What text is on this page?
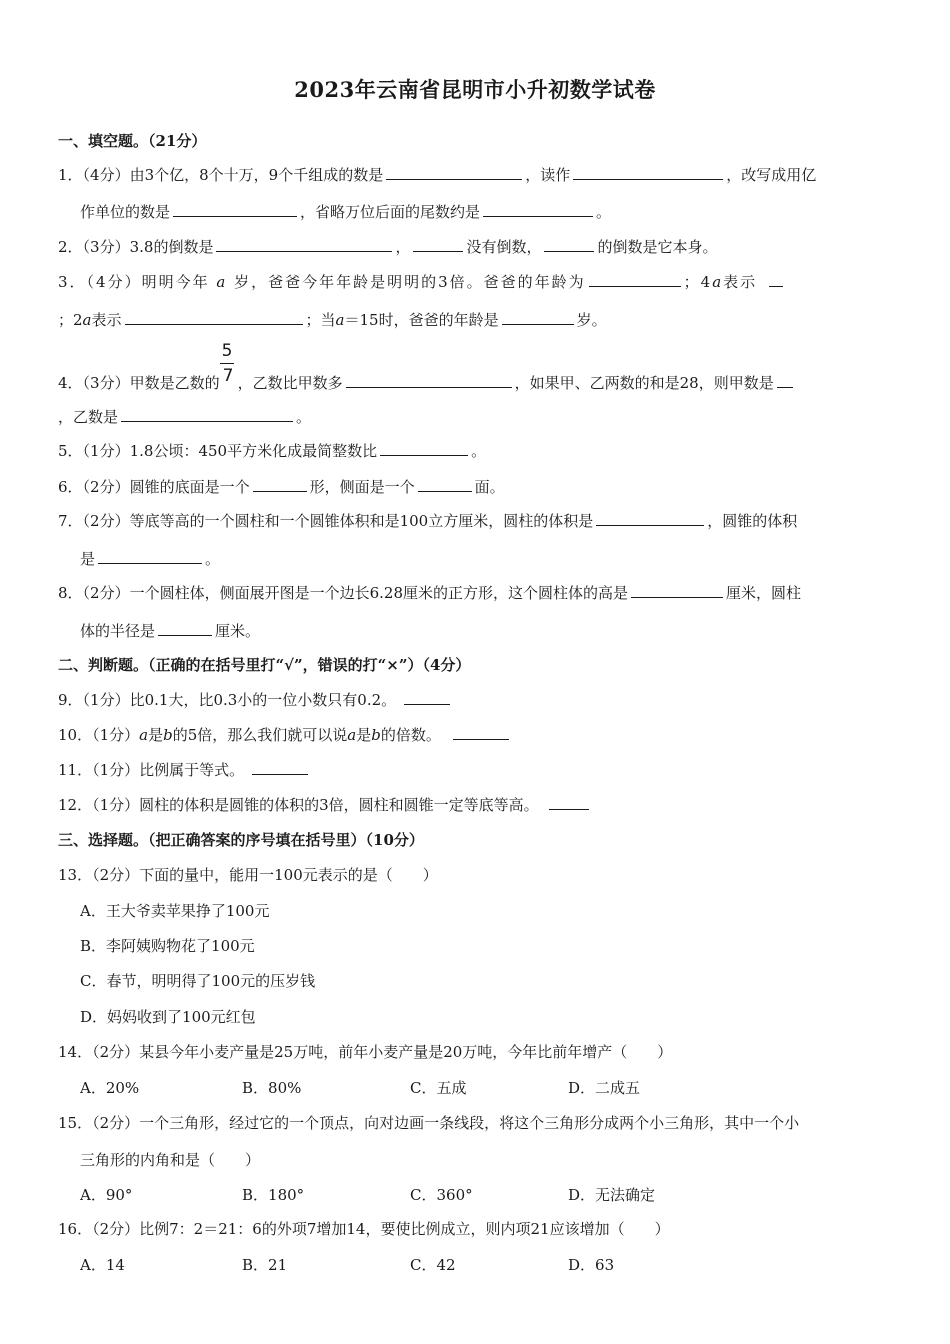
2023年云南省昆明市小升初数学试卷
一、填空题。（21分）
1．（4分）由3个亿，8个十万，9个千组成的数是	，读作	，改写成用亿
作单位的数是	，省略万位后面的尾数约是	。
2．（3分）3.8的倒数是	，	没有倒数，	的倒数是它本身。
3．（4分）明明今年 a 岁，爸爸今年年龄是明明的3倍。爸爸的年龄为	；4a表示
；2a表示	；当a＝15时，爸爸的年龄是	岁。
4．（3分）甲数是乙数的 $\frac{5}{7}$ ，乙数比甲数多	，如果甲、乙两数的和是28，则甲数是
，乙数是	。
5．（1分）1.8公顷：450平方米化成最简整数比	。
6．（2分）圆锥的底面是一个	形，侧面是一个	面。
7．（2分）等底等高的一个圆柱和一个圆锥体积和是100立方厘米，圆柱的体积是	，圆锥的体积
是	。
8．（2分）一个圆柱体，侧面展开图是一个边长6.28厘米的正方形，这个圆柱体的高是	厘米，圆柱
体的半径是	厘米。
二、判断题。（正确的在括号里打“√”，错误的打“×”）（4分）
9．（1分）比0.1大，比0.3小的一位小数只有0.2。
10．（1分）a是b的5倍，那么我们就可以说a是b的倍数。
11．（1分）比例属于等式。
12．（1分）圆柱的体积是圆锥的体积的3倍，圆柱和圆锥一定等底等高。
三、选择题。（把正确答案的序号填在括号里）（10分）
13．（2分）下面的量中，能用一100元表示的是（　　）
A．王大爷卖苹果挣了100元
B．李阿姨购物花了100元
C．春节，明明得了100元的压岁钱
D．妈妈收到了100元红包
14．（2分）某县今年小麦产量是25万吨，前年小麦产量是20万吨，今年比前年增产（　　）
A．20%	B．80%	C．五成	D．二成五
15．（2分）一个三角形，经过它的一个顶点，向对边画一条线段，将这个三角形分成两个小三角形，其中一个小
三角形的内角和是（　　）
A．90°	B．180°	C．360°	D．无法确定
16．（2分）比例7：2＝21：6的外项7增加14，要使比例成立，则内项21应该增加（　　）
A．14	B．21	C．42	D．63
